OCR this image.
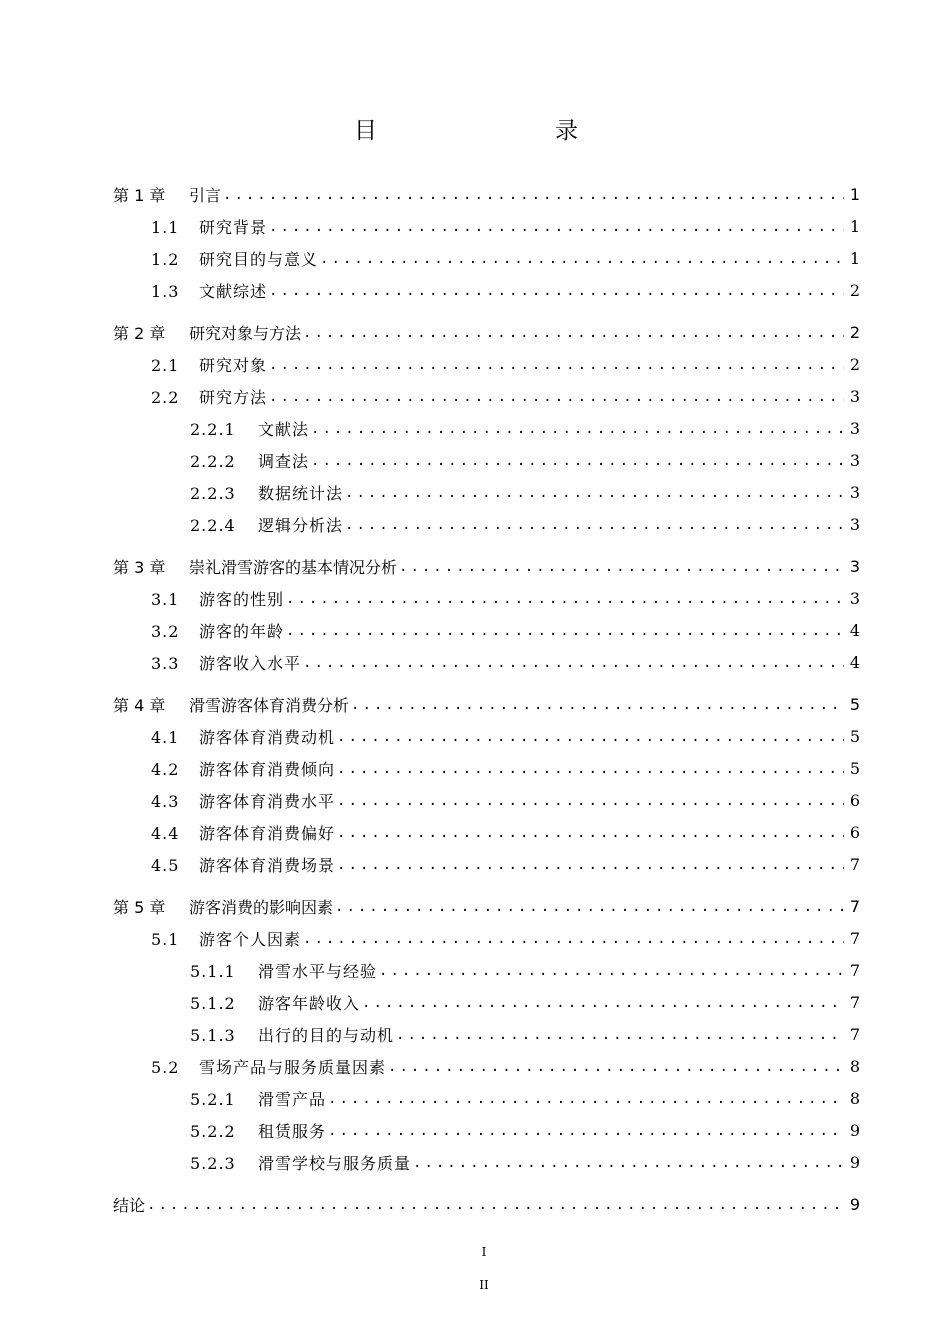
目　　录
第 1 章 引言 .....	1
1.1 研究背景 .....	1
1.2 研究目的与意义 .....	1
1.3 文献综述 .....	2
第 2 章 研究对象与方法 .....	2
2.1 研究对象 .....	2
2.2 研究方法 .....	3
2.2.1 文献法 .....	3
2.2.2 调查法 .....	3
2.2.3 数据统计法 .....	3
2.2.4 逻辑分析法 .....	3
第 3 章 崇礼滑雪游客的基本情况分析 .....	3
3.1 游客的性别 .....	3
3.2 游客的年龄 .....	4
3.3 游客收入水平 .....	4
第 4 章 滑雪游客体育消费分析 .....	5
4.1 游客体育消费动机 .....	5
4.2 游客体育消费倾向 .....	5
4.3 游客体育消费水平 .....	6
4.4 游客体育消费偏好 .....	6
4.5 游客体育消费场景 .....	7
第 5 章 游客消费的影响因素 .....	7
5.1 游客个人因素 .....	7
5.1.1 滑雪水平与经验 .....	7
5.1.2 游客年龄收入 .....	7
5.1.3 出行的目的与动机 .....	7
5.2 雪场产品与服务质量因素 .....	8
5.2.1 滑雪产品 .....	8
5.2.2 租赁服务 .....	9
5.2.3 滑雪学校与服务质量 .....	9
结论 .....	9
I
II
